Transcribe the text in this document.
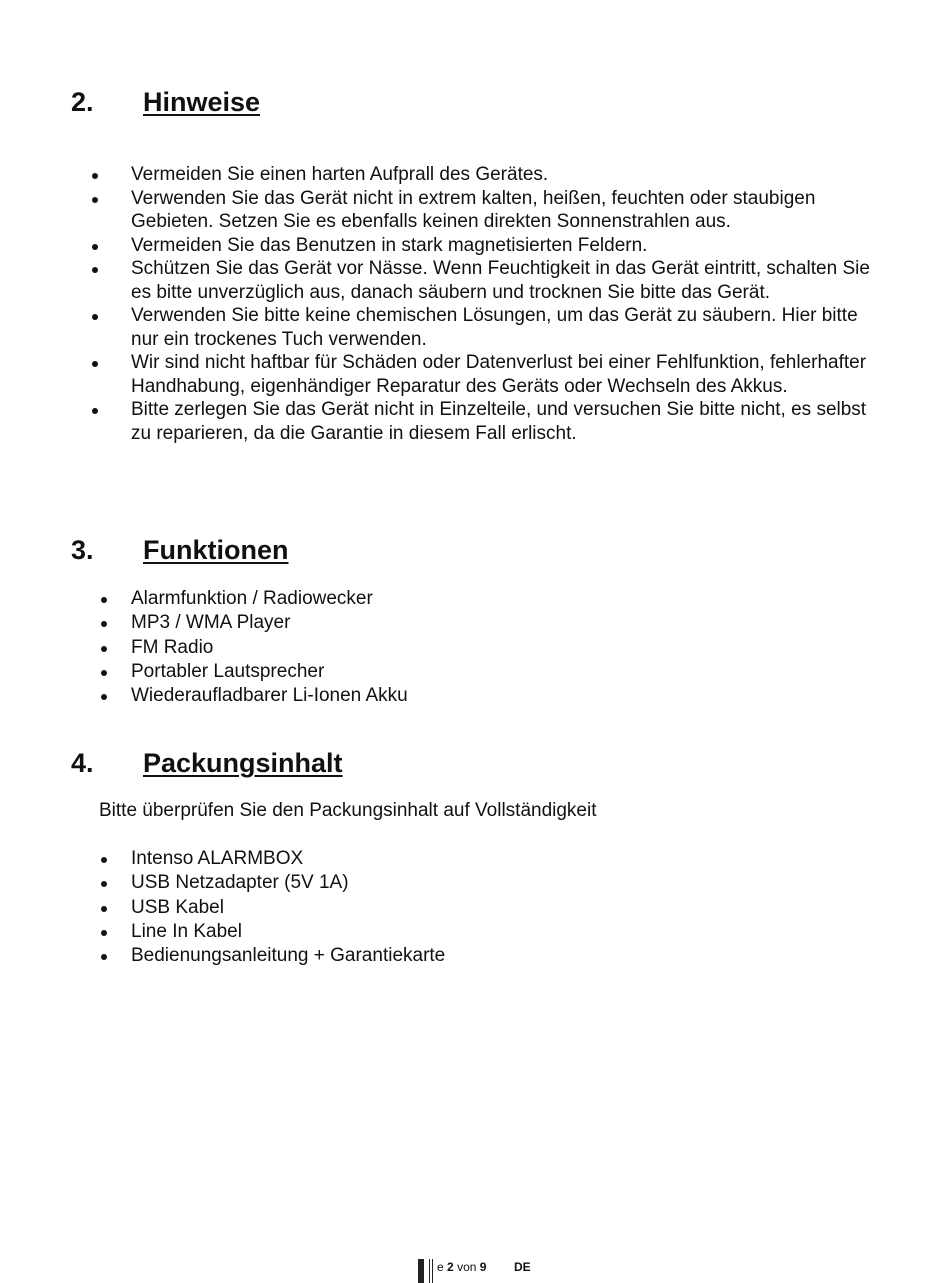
2. Hinweise
Vermeiden Sie einen harten Aufprall des Gerätes.
Verwenden Sie das Gerät nicht in extrem kalten, heißen, feuchten oder staubigen Gebieten. Setzen Sie es ebenfalls keinen direkten Sonnenstrahlen aus.
Vermeiden Sie das Benutzen in stark magnetisierten Feldern.
Schützen Sie das Gerät vor Nässe. Wenn Feuchtigkeit in das Gerät eintritt, schalten Sie es bitte unverzüglich aus, danach säubern und trocknen Sie bitte das Gerät.
Verwenden Sie bitte keine chemischen Lösungen, um das Gerät zu säubern. Hier bitte nur ein trockenes Tuch verwenden.
Wir sind nicht haftbar für Schäden oder Datenverlust bei einer Fehlfunktion, fehlerhafter Handhabung, eigenhändiger Reparatur des Geräts oder Wechseln des Akkus.
Bitte zerlegen Sie das Gerät nicht in Einzelteile, und versuchen Sie bitte nicht, es selbst zu reparieren, da die Garantie in diesem Fall erlischt.
3. Funktionen
Alarmfunktion / Radiowecker
MP3 / WMA Player
FM Radio
Portabler Lautsprecher
Wiederaufladbarer Li-Ionen Akku
4. Packungsinhalt
Bitte überprüfen Sie den Packungsinhalt auf Vollständigkeit
Intenso ALARMBOX
USB Netzadapter (5V 1A)
USB Kabel
Line In Kabel
Bedienungsanleitung + Garantiekarte
e 2 von 9 DE
